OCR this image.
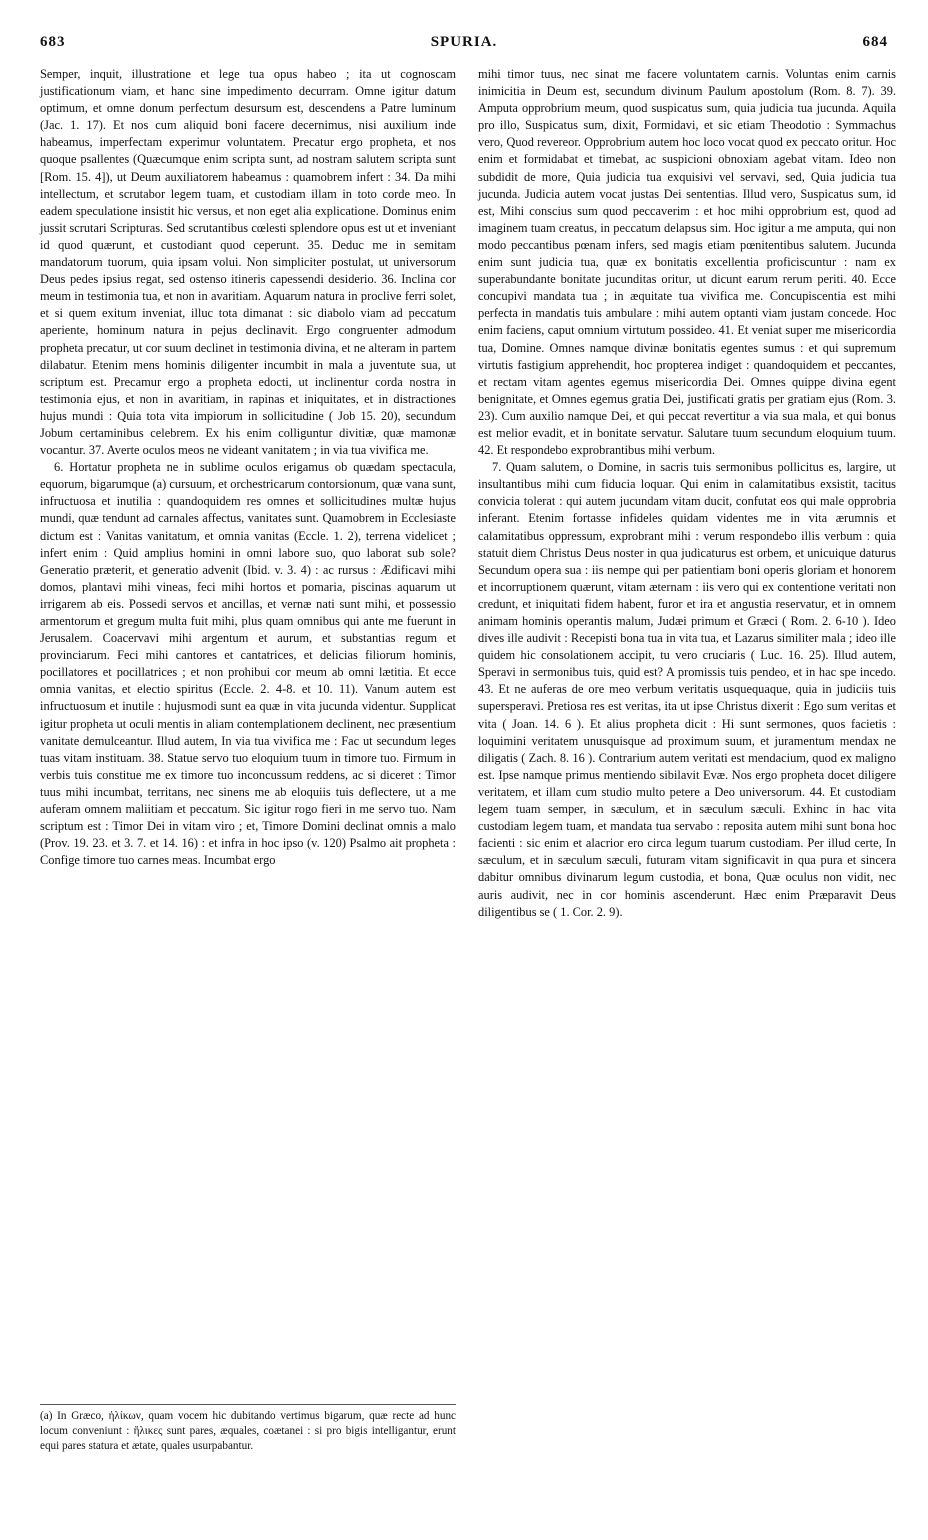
683	SPURIA.	684

Semper, inquit, illustratione et lege tua opus habeo ; ita ut cognoscam justificationum viam, et hanc sine impedimento decurram. Omne igitur datum optimum, et omne donum perfectum desursum est, descendens a Patre luminum (Jac. 1. 17). Et nos cum aliquid boni facere decernimus, nisi auxilium inde habeamus, imperfectam experimur voluntatem. Precatur ergo propheta, et nos quoque psallentes (Quæcumque enim scripta sunt, ad nostram salutem scripta sunt [Rom. 15. 4]), ut Deum auxiliatorem habeamus : quamobrem infert : 34. Da mihi intellectum, et scrutabor legem tuam, et custodiam illam in toto corde meo. In eadem speculatione insistit hic versus, et non eget alia explicatione. Dominus enim jussit scrutari Scripturas. Sed scrutantibus cœlesti splendore opus est ut et inveniant id quod quærunt, et custodiant quod ceperunt. 35. Deduc me in semitam mandatorum tuorum, quia ipsam volui. Non simpliciter postulat, ut universorum Deus pedes ipsius regat, sed ostenso itineris capessendi desiderio. 36. Inclina cor meum in testimonia tua, et non in avaritiam. Aquarum natura in proclive ferri solet, et si quem exitum inveniat, illuc tota dimanat : sic diabolo viam ad peccatum aperiente, hominum natura in pejus declinavit. Ergo congruenter admodum propheta precatur, ut cor suum declinet in testimonia divina, et ne alteram in partem dilabatur. Etenim mens hominis diligenter incumbit in mala a juventute sua, ut scriptum est. Precamur ergo a propheta edocti, ut inclinentur corda nostra in testimonia ejus, et non in avaritiam, in rapinas et iniquitates, et in distractiones hujus mundi : Quia tota vita impiorum in sollicitudine ( Job 15. 20), secundum Jobum certaminibus celebrem. Ex his enim colliguntur divitiæ, quæ mamonæ vocantur. 37. Averte oculos meos ne videant vanitatem ; in via tua vivifica me.

6. Hortatur propheta ne in sublime oculos erigamus ob quædam spectacula, equorum, bigarumque (a) cursuum, et orchestricarum contorsionum, quæ vana sunt, infructuosa et inutilia : quandoquidem res omnes et sollicitudines multæ hujus mundi, quæ tendunt ad carnales affectus, vanitates sunt. Quamobrem in Ecclesiaste dictum est : Vanitas vanitatum, et omnia vanitas (Eccle. 1. 2), terrena videlicet ; infert enim : Quid amplius homini in omni labore suo, quo laborat sub sole? Generatio præterit, et generatio advenit (Ibid. v. 3. 4) : ac rursus : Ædificavi mihi domos, plantavi mihi vineas, feci mihi hortos et pomaria, piscinas aquarum ut irrigarem ab eis. Possedi servos et ancillas, et vernæ nati sunt mihi, et possessio armentorum et gregum multa fuit mihi, plus quam omnibus qui ante me fuerunt in Jerusalem. Coacervavi mihi argentum et aurum, et substantias regum et provinciarum. Feci mihi cantores et cantatrices, et delicias filiorum hominis, pocillatores et pocillatrices ; et non prohibui cor meum ab omni lætitia. Et ecce omnia vanitas, et electio spiritus (Eccle. 2. 4-8. et 10. 11). Vanum autem est infructuosum et inutile : hujusmodi sunt ea quæ in vita jucunda videntur. Supplicat igitur propheta ut oculi mentis in aliam contemplationem declinent, nec præsentium vanitate demulceantur. Illud autem, In via tua vivifica me : Fac ut secundum leges tuas vitam instituam. 38. Statue servo tuo eloquium tuum in timore tuo. Firmum in verbis tuis constitue me ex timore tuo inconcussum reddens, ac si diceret : Timor tuus mihi incumbat, territans, nec sinens me ab eloquiis tuis deflectere, ut a me auferam omnem maliitiam et peccatum. Sic igitur rogo fieri in me servo tuo. Nam scriptum est : Timor Dei in vitam viro ; et, Timore Domini declinat omnis a malo (Prov. 19. 23. et 3. 7. et 14. 16) : et infra in hoc ipso (v. 120) Psalmo ait propheta : Confige timore tuo carnes meas. Incumbat ergo

mihi timor tuus, nec sinat me facere voluntatem carnis. Voluntas enim carnis inimicitia in Deum est, secundum divinum Paulum apostolum (Rom. 8. 7). 39. Amputa opprobrium meum, quod suspicatus sum, quia judicia tua jucunda. Aquila pro illo, Suspicatus sum, dixit, Formidavi, et sic etiam Theodotio : Symmachus vero, Quod revereor. Opprobrium autem hoc loco vocat quod ex peccato oritur. Hoc enim et formidabat et timebat, ac suspicioni obnoxiam agebat vitam. Ideo non subdidit de more, Quia judicia tua exquisivi vel servavi, sed, Quia judicia tua jucunda. Judicia autem vocat justas Dei sententias. Illud vero, Suspicatus sum, id est, Mihi conscius sum quod peccaverim : et hoc mihi opprobrium est, quod ad imaginem tuam creatus, in peccatum delapsus sim. Hoc igitur a me amputa, qui non modo peccantibus pœnam infers, sed magis etiam pœnitentibus salutem. Jucunda enim sunt judicia tua, quæ ex bonitatis excellentia proficiscuntur : nam ex superabundante bonitate jucunditas oritur, ut dicunt earum rerum periti. 40. Ecce concupivi mandata tua ; in æquitate tua vivifica me. Concupiscentia est mihi perfecta in mandatis tuis ambulare : mihi autem optanti viam justam concede. Hoc enim faciens, caput omnium virtutum possideo. 41. Et veniat super me misericordia tua, Domine. Omnes namque divinæ bonitatis egentes sumus : et qui supremum virtutis fastigium apprehendit, hoc propterea indiget : quandoquidem et peccantes, et rectam vitam agentes egemus misericordia Dei. Omnes quippe divina egent benignitate, et Omnes egemus gratia Dei, justificati gratis per gratiam ejus (Rom. 3. 23). Cum auxilio namque Dei, et qui peccat revertitur a via sua mala, et qui bonus est melior evadit, et in bonitate servatur. Salutare tuum secundum eloquium tuum. 42. Et respondebo exprobrantibus mihi verbum.

7. Quam salutem, o Domine, in sacris tuis sermonibus pollicitus es, largire, ut insultantibus mihi cum fiducia loquar. Qui enim in calamitatibus exsistit, tacitus convicia tolerat : qui autem jucundam vitam ducit, confutat eos qui male opprobria inferant. Etenim fortasse infideles quidam videntes me in vita ærumnis et calamitatibus oppressum, exprobrant mihi : verum respondebo illis verbum : quia statuit diem Christus Deus noster in qua judicaturus est orbem, et unicuique daturus Secundum opera sua : iis nempe qui per patientiam boni operis gloriam et honorem et incorruptionem quærunt, vitam æternam : iis vero qui ex contentione veritati non credunt, et iniquitati fidem habent, furor et ira et angustia reservatur, et in omnem animam hominis operantis malum, Judæi primum et Græci ( Rom. 2. 6-10 ). Ideo dives ille audivit : Recepisti bona tua in vita tua, et Lazarus similiter mala ; ideo ille quidem hic consolationem accipit, tu vero cruciaris ( Luc. 16. 25). Illud autem, Speravi in sermonibus tuis, quid est? A promissis tuis pendeo, et in hac spe incedo. 43. Et ne auferas de ore meo verbum veritatis usquequaque, quia in judiciis tuis supersperavi. Pretiosa res est veritas, ita ut ipse Christus dixerit : Ego sum veritas et vita ( Joan. 14. 6 ). Et alius propheta dicit : Hi sunt sermones, quos facietis : loquimini veritatem unusquisque ad proximum suum, et juramentum mendax ne diligatis ( Zach. 8. 16 ). Contrarium autem veritati est mendacium, quod ex maligno est. Ipse namque primus mentiendo sibilavit Evæ. Nos ergo propheta docet diligere veritatem, et illam cum studio multo petere a Deo universorum. 44. Et custodiam legem tuam semper, in sæculum, et in sæculum sæculi. Exhinc in hac vita custodiam legem tuam, et mandata tua servabo : reposita autem mihi sunt bona hoc facienti : sic enim et alacrior ero circa legum tuarum custodiam. Per illud certe, In sæculum, et in sæculum sæculi, futuram vitam significavit in qua pura et sincera dabitur omnibus divinarum legum custodia, et bona, Quæ oculus non vidit, nec auris audivit, nec in cor hominis ascenderunt. Hæc enim Præparavit Deus diligentibus se ( 1. Cor. 2. 9).

(a) In Græco, ἡλίκων, quam vocem hic dubitando vertimus bigarum, quæ recte ad hunc locum conveniunt : ἥλικες sunt pares, æquales, coætanei : si pro bigis intelligantur, erunt equi pares statura et ætate, quales usurpabantur.
